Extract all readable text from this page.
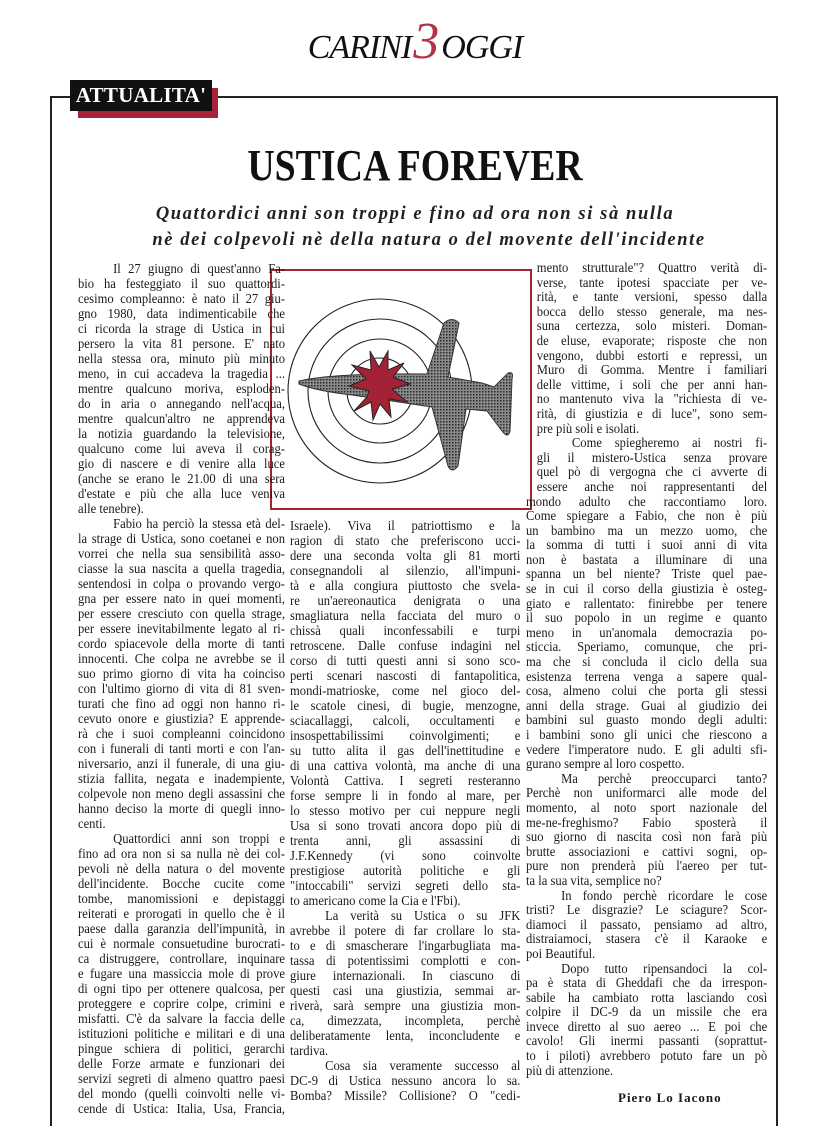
CARINI 3 OGGI
ATTUALITA'
USTICA FOREVER
Quattordici anni son troppi e fino ad ora non si sà nulla
nè dei colpevoli nè della natura o del movente dell'incidente
Il 27 giugno di quest'anno Fa-
bio ha festeggiato il suo quattordi-
cesimo compleanno: è nato il 27 giu-
gno 1980, data indimenticabile che
ci ricorda la strage di Ustica in cui
persero la vita 81 persone. E' nato
nella stessa ora, minuto più minuto
meno, in cui accadeva la tragedia ...
mentre qualcuno moriva, esploden-
do in aria o annegando nell'acqua,
mentre qualcun'altro ne apprendeva
la notizia guardando la televisione,
qualcuno come lui aveva il corag-
gio di nascere e di venire alla luce
(anche se erano le 21.00 di una sera
d'estate e più che alla luce veniva
alle tenebre).
Fabio ha perciò la stessa età del-
la strage di Ustica, sono coetanei e non
vorrei che nella sua sensibilità asso-
ciasse la sua nascita a quella tragedia,
sentendosi in colpa o provando vergo-
gna per essere nato in quei momenti,
per essere cresciuto con quella strage,
per essere inevitabilmente legato al ri-
cordo spiacevole della morte di tanti
innocenti. Che colpa ne avrebbe se il
suo primo giorno di vita ha coinciso
con l'ultimo giorno di vita di 81 sven-
turati che fino ad oggi non hanno ri-
cevuto onore e giustizia? E apprende-
rà che i suoi compleanni coincidono
con i funerali di tanti morti e con l'an-
niversario, anzi il funerale, di una giu-
stizia fallita, negata e inadempiente,
colpevole non meno degli assassini che
hanno deciso la morte di quegli inno-
centi.
Quattordici anni son troppi e
fino ad ora non si sa nulla nè dei col-
pevoli nè della natura o del movente
dell'incidente. Bocche cucite come
tombe, manomissioni e depistaggi
reiterati e prorogati in quello che è il
paese dalla garanzia dell'impunità, in
cui è normale consuetudine burocrati-
ca distruggere, controllare, inquinare
e fugare una massiccia mole di prove
di ogni tipo per ottenere qualcosa, per
proteggere e coprire colpe, crimini e
misfatti. C'è da salvare la faccia delle
istituzioni politiche e militari e di una
pingue schiera di politici, gerarchi
delle Forze armate e funzionari dei
servizi segreti di almeno quattro paesi
del mondo (quelli coinvolti nelle vi-
cende di Ustica: Italia, Usa, Francia,
Israele). Viva il patriottismo e la
ragion di stato che preferiscono ucci-
dere una seconda volta gli 81 morti
consegnandoli al silenzio, all'impuni-
tà e alla congiura piuttosto che svela-
re un'aereonautica denigrata o una
smagliatura nella facciata del muro o
chissà quali inconfessabili e turpi
retroscene. Dalle confuse indagini nel
corso di tutti questi anni si sono sco-
perti scenari nascosti di fantapolitica,
mondi-matrioske, come nel gioco del-
le scatole cinesi, di bugie, menzogne,
sciacallaggi, calcoli, occultamenti e
insospettabilissimi coinvolgimenti; e
su tutto alita il gas dell'inettitudine e
di una cattiva volontà, ma anche di una
Volontà Cattiva. I segreti resteranno
forse sempre li in fondo al mare, per
lo stesso motivo per cui neppure negli
Usa si sono trovati ancora dopo più di
trenta anni, gli assassini di
J.F.Kennedy (vi sono coinvolte
prestigiose autorità politiche e gli
"intoccabili" servizi segreti dello sta-
to americano come la Cia e l'Fbi).
La verità su Ustica o su JFK
avrebbe il potere di far crollare lo sta-
to e di smascherare l'ingarbugliata ma-
tassa di potentissimi complotti e con-
giure internazionali. In ciascuno di
questi casi una giustizia, semmai ar-
riverà, sarà sempre una giustizia mon-
ca, dimezzata, incompleta, perchè
deliberatamente lenta, inconcludente e
tardiva.
Cosa sia veramente successo al
DC-9 di Ustica nessuno ancora lo sa.
Bomba? Missile? Collisione? O "cedi-
mento strutturale"? Quattro verità di-
verse, tante ipotesi spacciate per ve-
rità, e tante versioni, spesso dalla
bocca dello stesso generale, ma nes-
suna certezza, solo misteri. Doman-
de eluse, evaporate; risposte che non
vengono, dubbi estorti e repressi, un
Muro di Gomma. Mentre i familiari
delle vittime, i soli che per anni han-
no mantenuto viva la "richiesta di ve-
rità, di giustizia e di luce", sono sem-
pre più soli e isolati.
Come spiegheremo ai nostri fi-
gli il mistero-Ustica senza provare
quel pò di vergogna che ci avverte di
essere anche noi rappresentanti del
mondo adulto che raccontiamo loro.
Come spiegare a Fabio, che non è più
un bambino ma un mezzo uomo, che
la somma di tutti i suoi anni di vita
non è bastata a illuminare di una
spanna un bel niente? Triste quel pae-
se in cui il corso della giustizia è osteg-
giato e rallentato: finirebbe per tenere
il suo popolo in un regime e quanto
meno in un'anomala democrazia po-
sticcia. Speriamo, comunque, che pri-
ma che si concluda il ciclo della sua
esistenza terrena venga a sapere qual-
cosa, almeno colui che porta gli stessi
anni della strage. Guai al giudizio dei
bambini sul guasto mondo degli adulti:
i bambini sono gli unici che riescono a
vedere l'imperatore nudo. E gli adulti sfi-
gurano sempre al loro cospetto.
Ma perchè preoccuparci tanto?
Perchè non uniformarci alle mode del
momento, al noto sport nazionale del
me-ne-freghismo? Fabio sposterà il
suo giorno di nascita così non farà più
brutte associazioni e cattivi sogni, op-
pure non prenderà più l'aereo per tut-
ta la sua vita, semplice no?
In fondo perchè ricordare le cose
tristi? Le disgrazie? Le sciagure? Scor-
diamoci il passato, pensiamo ad altro,
distraiamoci, stasera c'è il Karaoke e
poi Beautiful.
Dopo tutto ripensandoci la col-
pa è stata di Gheddafi che da irrespon-
sabile ha cambiato rotta lasciando così
colpire il DC-9 da un missile che era
invece diretto al suo aereo ... E poi che
cavolo! Gli inermi passanti (soprattut-
to i piloti) avrebbero potuto fare un pò
più di attenzione.
Piero Lo Iacono
